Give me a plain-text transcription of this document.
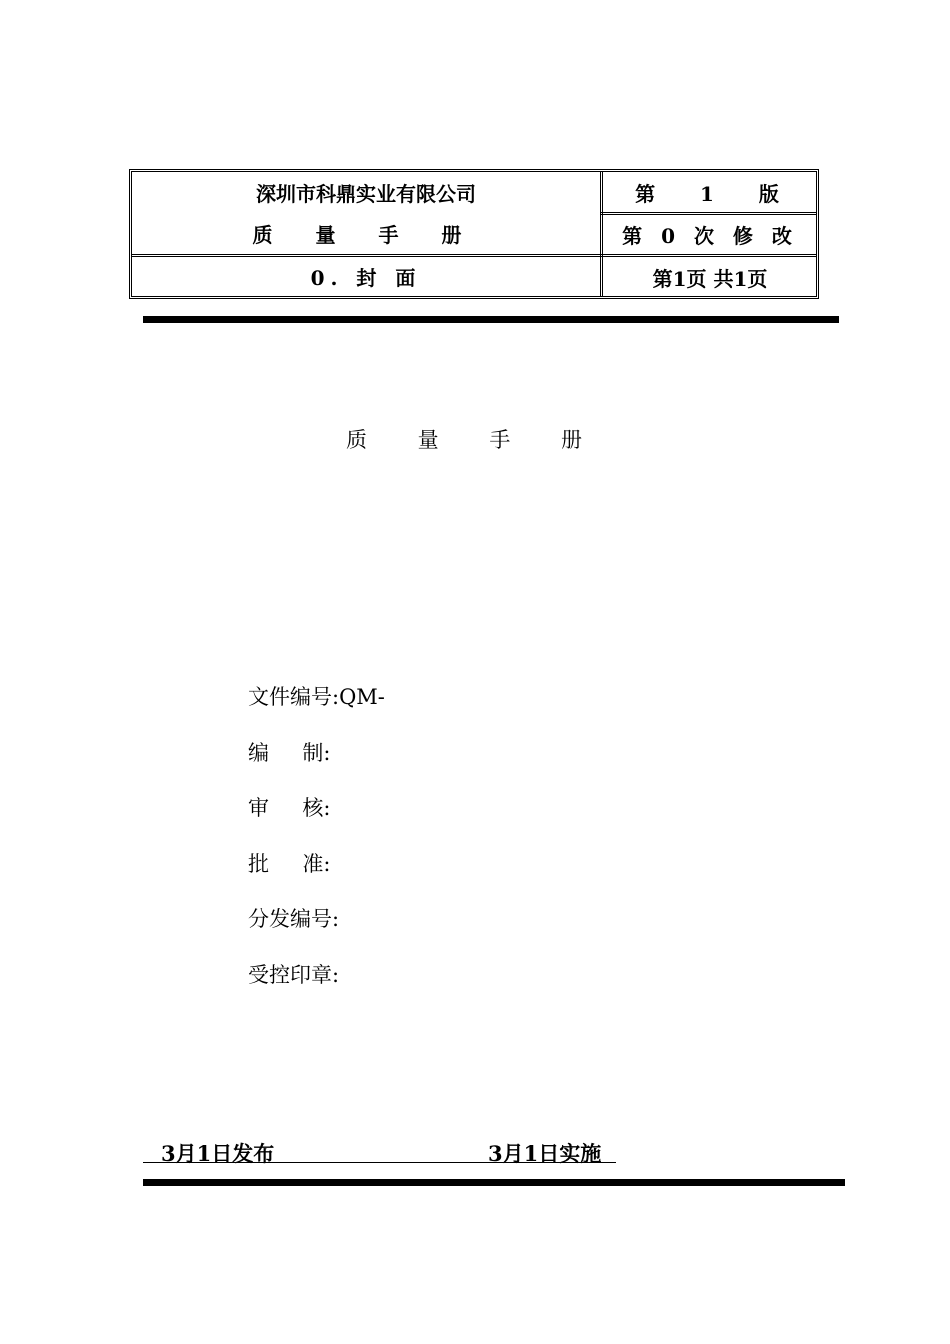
深圳市科鼎实业有限公司
质 量 手 册
0. 封 面
第   1   版
第 0 次 修 改
第1页 共1页
质 量 手 册
文件编号:QM-
编     制:
审     核:
批     准:
分发编号:
受控印章:
3月1日发布	3月1日实施
